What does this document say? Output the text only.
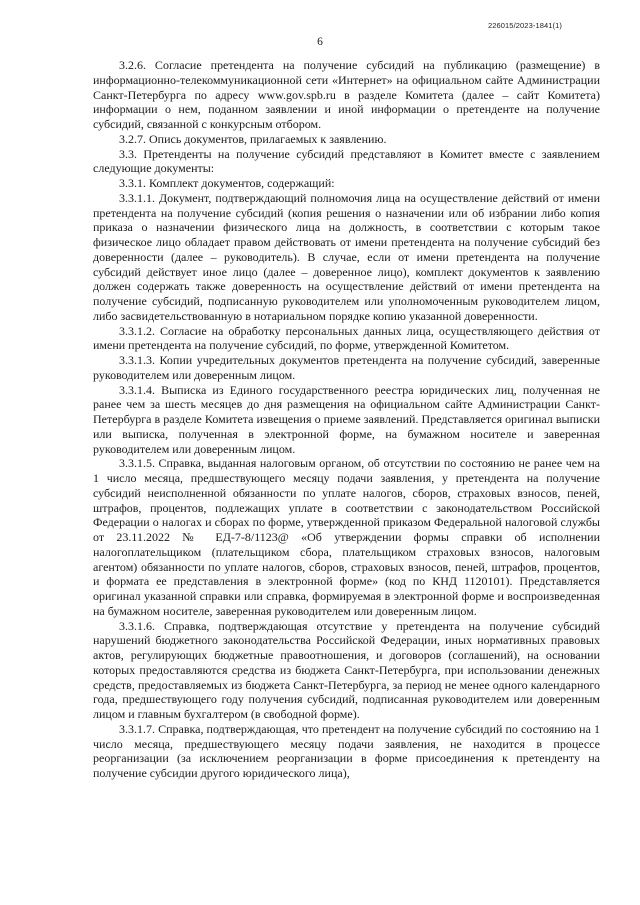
226015/2023-1841(1)
6

3.2.6. Согласие претендента на получение субсидий на публикацию (размещение) в информационно-телекоммуникационной сети «Интернет» на официальном сайте Администрации Санкт-Петербурга по адресу www.gov.spb.ru в разделе Комитета (далее – сайт Комитета) информации о нем, поданном заявлении и иной информации о претенденте на получение субсидий, связанной с конкурсным отбором.

3.2.7. Опись документов, прилагаемых к заявлению.

3.3. Претенденты на получение субсидий представляют в Комитет вместе с заявлением следующие документы:

3.3.1. Комплект документов, содержащий:

3.3.1.1. Документ, подтверждающий полномочия лица на осуществление действий от имени претендента на получение субсидий (копия решения о назначении или об избрании либо копия приказа о назначении физического лица на должность, в соответствии с которым такое физическое лицо обладает правом действовать от имени претендента на получение субсидий без доверенности (далее – руководитель). В случае, если от имени претендента на получение субсидий действует иное лицо (далее – доверенное лицо), комплект документов к заявлению должен содержать также доверенность на осуществление действий от имени претендента на получение субсидий, подписанную руководителем или уполномоченным руководителем лицом, либо засвидетельствованную в нотариальном порядке копию указанной доверенности.

3.3.1.2. Согласие на обработку персональных данных лица, осуществляющего действия от имени претендента на получение субсидий, по форме, утвержденной Комитетом.

3.3.1.3. Копии учредительных документов претендента на получение субсидий, заверенные руководителем или доверенным лицом.

3.3.1.4. Выписка из Единого государственного реестра юридических лиц, полученная не ранее чем за шесть месяцев до дня размещения на официальном сайте Администрации Санкт-Петербурга в разделе Комитета извещения о приеме заявлений. Представляется оригинал выписки или выписка, полученная в электронной форме, на бумажном носителе и заверенная руководителем или доверенным лицом.

3.3.1.5. Справка, выданная налоговым органом, об отсутствии по состоянию не ранее чем на 1 число месяца, предшествующего месяцу подачи заявления, у претендента на получение субсидий неисполненной обязанности по уплате налогов, сборов, страховых взносов, пеней, штрафов, процентов, подлежащих уплате в соответствии с законодательством Российской Федерации о налогах и сборах по форме, утвержденной приказом Федеральной налоговой службы от 23.11.2022 № ЕД-7-8/1123@ «Об утверждении формы справки об исполнении налогоплательщиком (плательщиком сбора, плательщиком страховых взносов, налоговым агентом) обязанности по уплате налогов, сборов, страховых взносов, пеней, штрафов, процентов, и формата ее представления в электронной форме» (код по КНД 1120101). Представляется оригинал указанной справки или справка, формируемая в электронной форме и воспроизведенная на бумажном носителе, заверенная руководителем или доверенным лицом.

3.3.1.6. Справка, подтверждающая отсутствие у претендента на получение субсидий нарушений бюджетного законодательства Российской Федерации, иных нормативных правовых актов, регулирующих бюджетные правоотношения, и договоров (соглашений), на основании которых предоставляются средства из бюджета Санкт-Петербурга, при использовании денежных средств, предоставляемых из бюджета Санкт-Петербурга, за период не менее одного календарного года, предшествующего году получения субсидий, подписанная руководителем или доверенным лицом и главным бухгалтером (в свободной форме).

3.3.1.7. Справка, подтверждающая, что претендент на получение субсидий по состоянию на 1 число месяца, предшествующего месяцу подачи заявления, не находится в процессе реорганизации (за исключением реорганизации в форме присоединения к претенденту на получение субсидии другого юридического лица),
